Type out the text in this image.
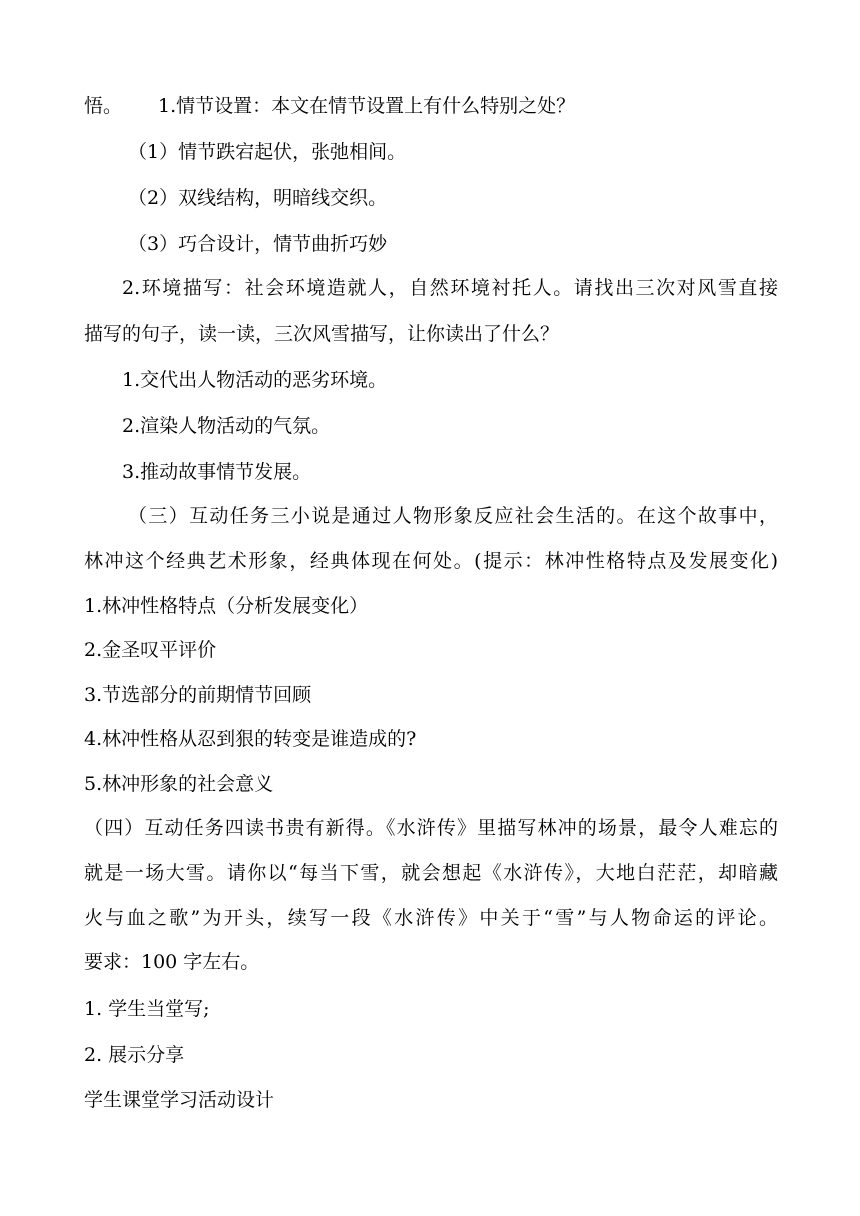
悟。 1.情节设置：本文在情节设置上有什么特别之处？
（1）情节跌宕起伏，张弛相间。
（2）双线结构，明暗线交织。
（3）巧合设计，情节曲折巧妙
2.环境描写：社会环境造就人，自然环境衬托人。请找出三次对风雪直接
描写的句子，读一读，三次风雪描写，让你读出了什么？
1.交代出人物活动的恶劣环境。
2.渲染人物活动的气氛。
3.推动故事情节发展。
（三）互动任务三小说是通过人物形象反应社会生活的。在这个故事中，
林冲这个经典艺术形象，经典体现在何处。(提示：林冲性格特点及发展变化)
1.林冲性格特点（分析发展变化）
2.金圣叹平评价
3.节选部分的前期情节回顾
4.林冲性格从忍到狠的转变是谁造成的?
5.林冲形象的社会意义
（四）互动任务四读书贵有新得。《水浒传》里描写林冲的场景，最令人难忘的
就是一场大雪。请你以“每当下雪，就会想起《水浒传》，大地白茫茫，却暗藏
火与血之歌”为开头，续写一段《水浒传》中关于“雪”与人物命运的评论。
要求：100 字左右。
1. 学生当堂写;
2. 展示分享
学生课堂学习活动设计
